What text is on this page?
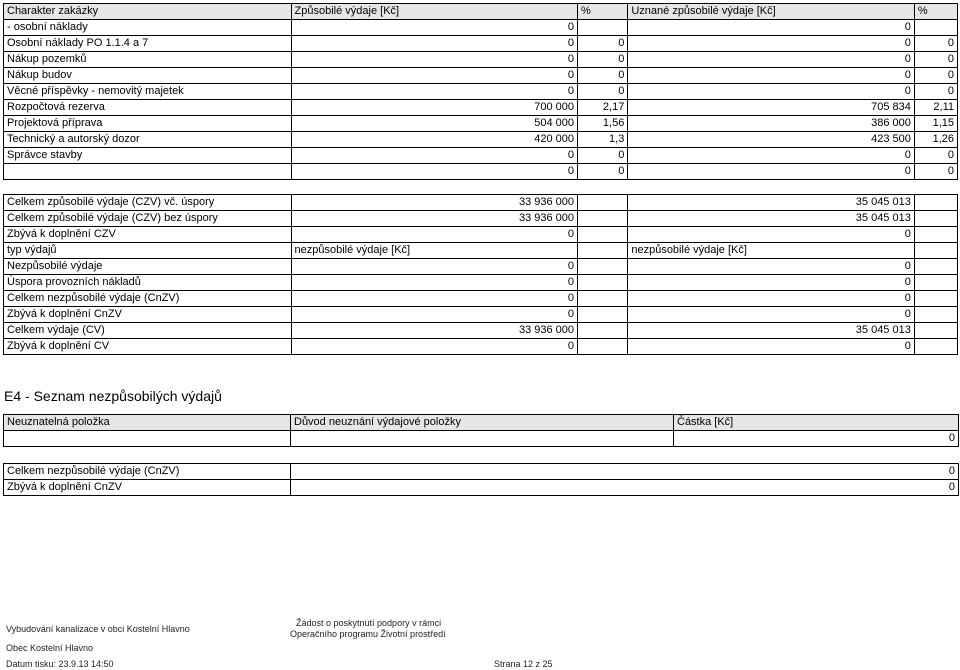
Charakter zakázky	Způsobilé výdaje [Kč]	%	Uznané způsobilé výdaje [Kč]	%
- osobní náklady	0		0	
Osobní náklady PO 1.1.4 a 7	0	0	0	0
Nákup pozemků	0	0	0	0
Nákup budov	0	0	0	0
Věcné příspěvky - nemovitý majetek	0	0	0	0
Rozpočtová rezerva	700 000	2,17	705 834	2,11
Projektová příprava	504 000	1,56	386 000	1,15
Technický a autorský dozor	420 000	1,3	423 500	1,26
Správce stavby	0	0	0	0
	0	0	0	0
Celkem způsobilé výdaje (CZV) vč. úspory	33 936 000		35 045 013	
Celkem způsobilé výdaje (CZV) bez úspory	33 936 000		35 045 013	
Zbývá k doplnění CZV	0		0	
typ výdajů	nezpůsobilé výdaje [Kč]		nezpůsobilé výdaje [Kč]	
Nezpůsobilé výdaje	0		0	
Úspora provozních nákladů	0		0	
Celkem nezpůsobilé výdaje (CnZV)	0		0	
Zbývá k doplnění CnZV	0		0	
Celkem výdaje (CV)	33 936 000		35 045 013	
Zbývá k doplnění CV	0		0	
E4 - Seznam nezpůsobilých výdajů
Neuznatelná položka	Důvod neuznání výdajové položky	Částka [Kč]
		0
Celkem nezpůsobilé výdaje (CnZV)		0
Zbývá k doplnění CnZV		0
Vybudování kanalizace v obci Kostelní Hlavno
Žádost o poskytnutí podpory v rámci
Operačního programu Životní prostředí
Obec Kostelní Hlavno
Datum tisku: 23.9.13 14:50	Strana 12 z 25
